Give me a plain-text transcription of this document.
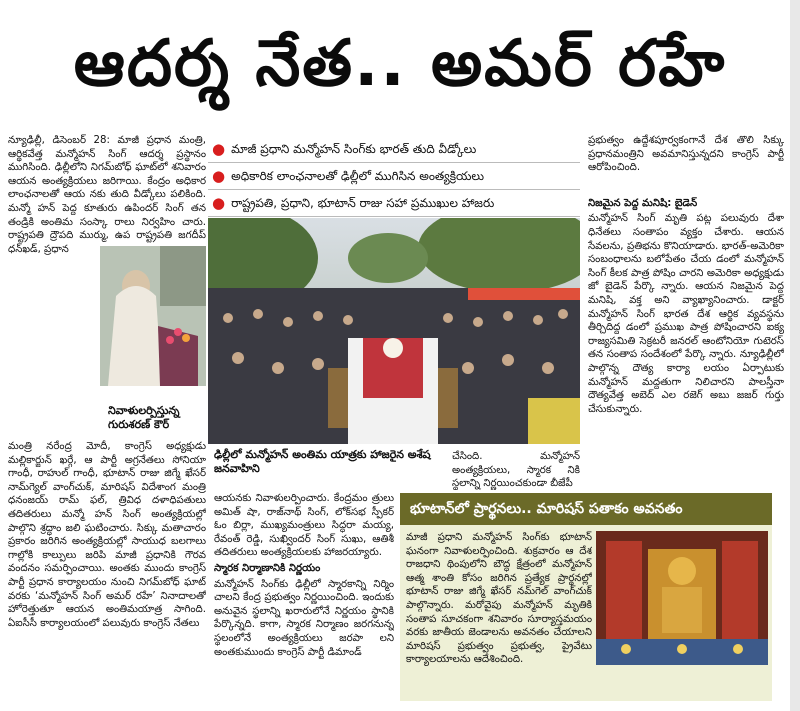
ఆదర్శ నేత.. అమర్ రహే

న్యూఢిల్లీ, డిసెంబర్ 28: మాజీ ప్రధాన మంత్రి, ఆర్థికవేత్త మన్మోహన్ సింగ్ ఆదర్శ ప్రస్థానం ముగిసింది. ఢిల్లీలోని నిగమ్‌బోధ్ ఘాట్‌లో శనివారం ఆయన అంత్యక్రియలు జరిగాయి. కేంద్రం అధికార లాంఛనాలతో ఆయ నకు తుది వీడ్కోలు పలికింది. మన్మో హన్ పెద్ద కూతురు ఉపిందర్ సింగ్ తన తండ్రికి అంతిమ సంస్కా రాలు నిర్వహిం చారు. రాష్ట్రపతి ద్రౌపది ముర్ము, ఉప రాష్ట్రపతి జగదీప్ ధన్‌ఖడ్, ప్రధాన

నివాళులర్పిస్తున్న గురుశరణ్ కౌర్

మంత్రి నరేంద్ర మోదీ, కాంగ్రెస్ అధ్యక్షుడు మల్లికార్జున్ ఖర్గే, ఆ పార్టీ అగ్రనేతలు సోనియా గాంధీ, రాహుల్ గాంధీ, భూటాన్ రాజు జిగ్మే ఖేసర్ నామ్‌గ్యెల్ వాంగ్‌చుక్, మారిషస్ విదేశాంగ మంత్రి ధనంజయ్ రామ్ ఫల్, త్రివిధ దళాధిపతులు తదితరులు మన్మో హన్ సింగ్ అంత్యక్రియల్లో పాల్గొని శ్రద్ధాం జలి ఘటించారు. సిక్కు మతాచారం ప్రకారం జరిగిన అంత్యక్రియల్లో సాయుధ బలగాలు గాల్లోకి కాల్పులు జరిపి మాజీ ప్రధానికి గౌరవ వందనం సమర్పించాయి. అంతకు ముందు కాంగ్రెస్ పార్టీ ప్రధాన కార్యాలయం నుంచి నిగమ్‌బోధ్ ఘాట్ వరకు ‘మన్మోహన్ సింగ్ అమర్ రహే’ నినాదాలతో హోరెత్తుతూ ఆయన అంతిమయాత్ర సాగింది. ఏఐసీసీ కార్యాలయంలో పలువురు కాంగ్రెస్ నేతలు

● మాజీ ప్రధాని మన్మోహన్ సింగ్‌కు భారత్ తుది వీడ్కోలు
● అధికారిక లాంఛనాలతో ఢిల్లీలో ముగిసిన అంత్యక్రియలు
● రాష్ట్రపతి, ప్రధాని, భూటాన్ రాజు సహా ప్రముఖుల హాజరు
ఢిల్లీలో మన్మోహన్ అంతిమ యాత్రకు హాజరైన అశేష జనవాహిని

చేసింది. మన్మోహన్ అంత్యక్రియలు, స్మారక నికి స్థలాన్ని నిర్ణయించకుండా బీజేపీ

ఆయనకు నివాళులర్పించారు. కేంద్రమం త్రులు అమిత్ షా, రాజ్‌నాథ్ సింగ్, లోక్‌సభ స్పీకర్ ఓం బిర్లా, ముఖ్యమంత్రులు సిద్ధరా మయ్య, రేవంత్ రెడ్డి, సుఖ్విందర్ సింగ్ సుఖు, ఆతిశీ తదితరులు అంత్యక్రియలకు హాజరయ్యారు.

స్మారక నిర్మాణానికి నిర్ణయం

మన్మోహన్ సింగ్‌కు ఢిల్లీలో స్మారకాన్ని నిర్మిం చాలని కేంద్ర ప్రభుత్వం నిర్ణయించింది. ఇందుకు అనువైన స్థలాన్ని ఖరారులోనే నిర్ణయం స్థానికి పేర్కొన్నది. కాగా, స్మారక నిర్మాణం జరగనున్న స్థలంలోనే అంత్యక్రియలు జరపా లని అంతకుముందు కాంగ్రెస్ పార్టీ డిమాండ్

ప్రభుత్వం ఉద్దేశపూర్వకంగానే దేశ తొలి సిక్కు ప్రధానమంత్రిని అవమానిస్తున్నదని కాంగ్రెస్ పార్టీ ఆరోపించింది.

నిజమైన పెద్ద మనిషి: బైడెన్

మన్మోహన్ సింగ్ మృతి పట్ల పలువురు దేశా ధినేతలు సంతాపం వ్యక్తం చేశారు. ఆయన సేవలను, ప్రతిభను కొనియాడారు. భారత్-అమెరికా సంబంధాలను బలోపేతం చేయ డంలో మన్మోహన్ సింగ్ కీలక పాత్ర పోషిం చారని అమెరికా అధ్యక్షుడు జో బైడెన్ పేర్కొ న్నారు. ఆయన నిజమైన పెద్ద మనిషి, వక్త అని వ్యాఖ్యానించారు. డాక్టర్ మన్మోహన్ సింగ్ భారత దేశ ఆర్థిక వ్యవస్థను తీర్చిదిద్ద డంలో ప్రముఖ పాత్ర పోషించారని ఐక్య రాజ్యసమితి సెక్రటరీ జనరల్ ఆంటోనియో గుటెరస్ తన సంతాప సందేశంలో పేర్కొ న్నారు. న్యూఢిల్లీలో పాల్గొన్న దౌత్య కార్యా లయం ఏర్పాటుకు మన్మోహన్ మద్దతుగా నిలిచారని పాలస్తీనా దౌత్యవేత్త అబెద్ ఎల రజెగ్ అబు జజర్ గుర్తు చేసుకున్నారు.

భూటాన్‌లో ప్రార్థనలు.. మారిషస్ పతాకం అవనతం

మాజీ ప్రధాని మన్మోహన్ సింగ్‌కు భూటాన్ ఘనంగా నివాళులర్పించింది. శుక్రవారం ఆ దేశ రాజధాని థింపులోని బౌద్ధ క్షేత్రంలో మన్మోహన్ ఆత్మ శాంతి కోసం జరిగిన ప్రత్యేక ప్రార్థనల్లో భూటాన్ రాజు జిగ్మే ఖేసర్ నమ్‌గెల్ వాంగ్‌చుక్ పాల్గొన్నారు. మరోవైపు మన్మోహన్ మృతికి సంతాప సూచకంగా శనివారం సూర్యాస్తమయం వరకు జాతీయ జెండాలను అవనతం చేయాలని మారిషస్ ప్రభుత్వం ప్రభుత్వ, ప్రైవేటు కార్యాలయాలను ఆదేశించింది.
